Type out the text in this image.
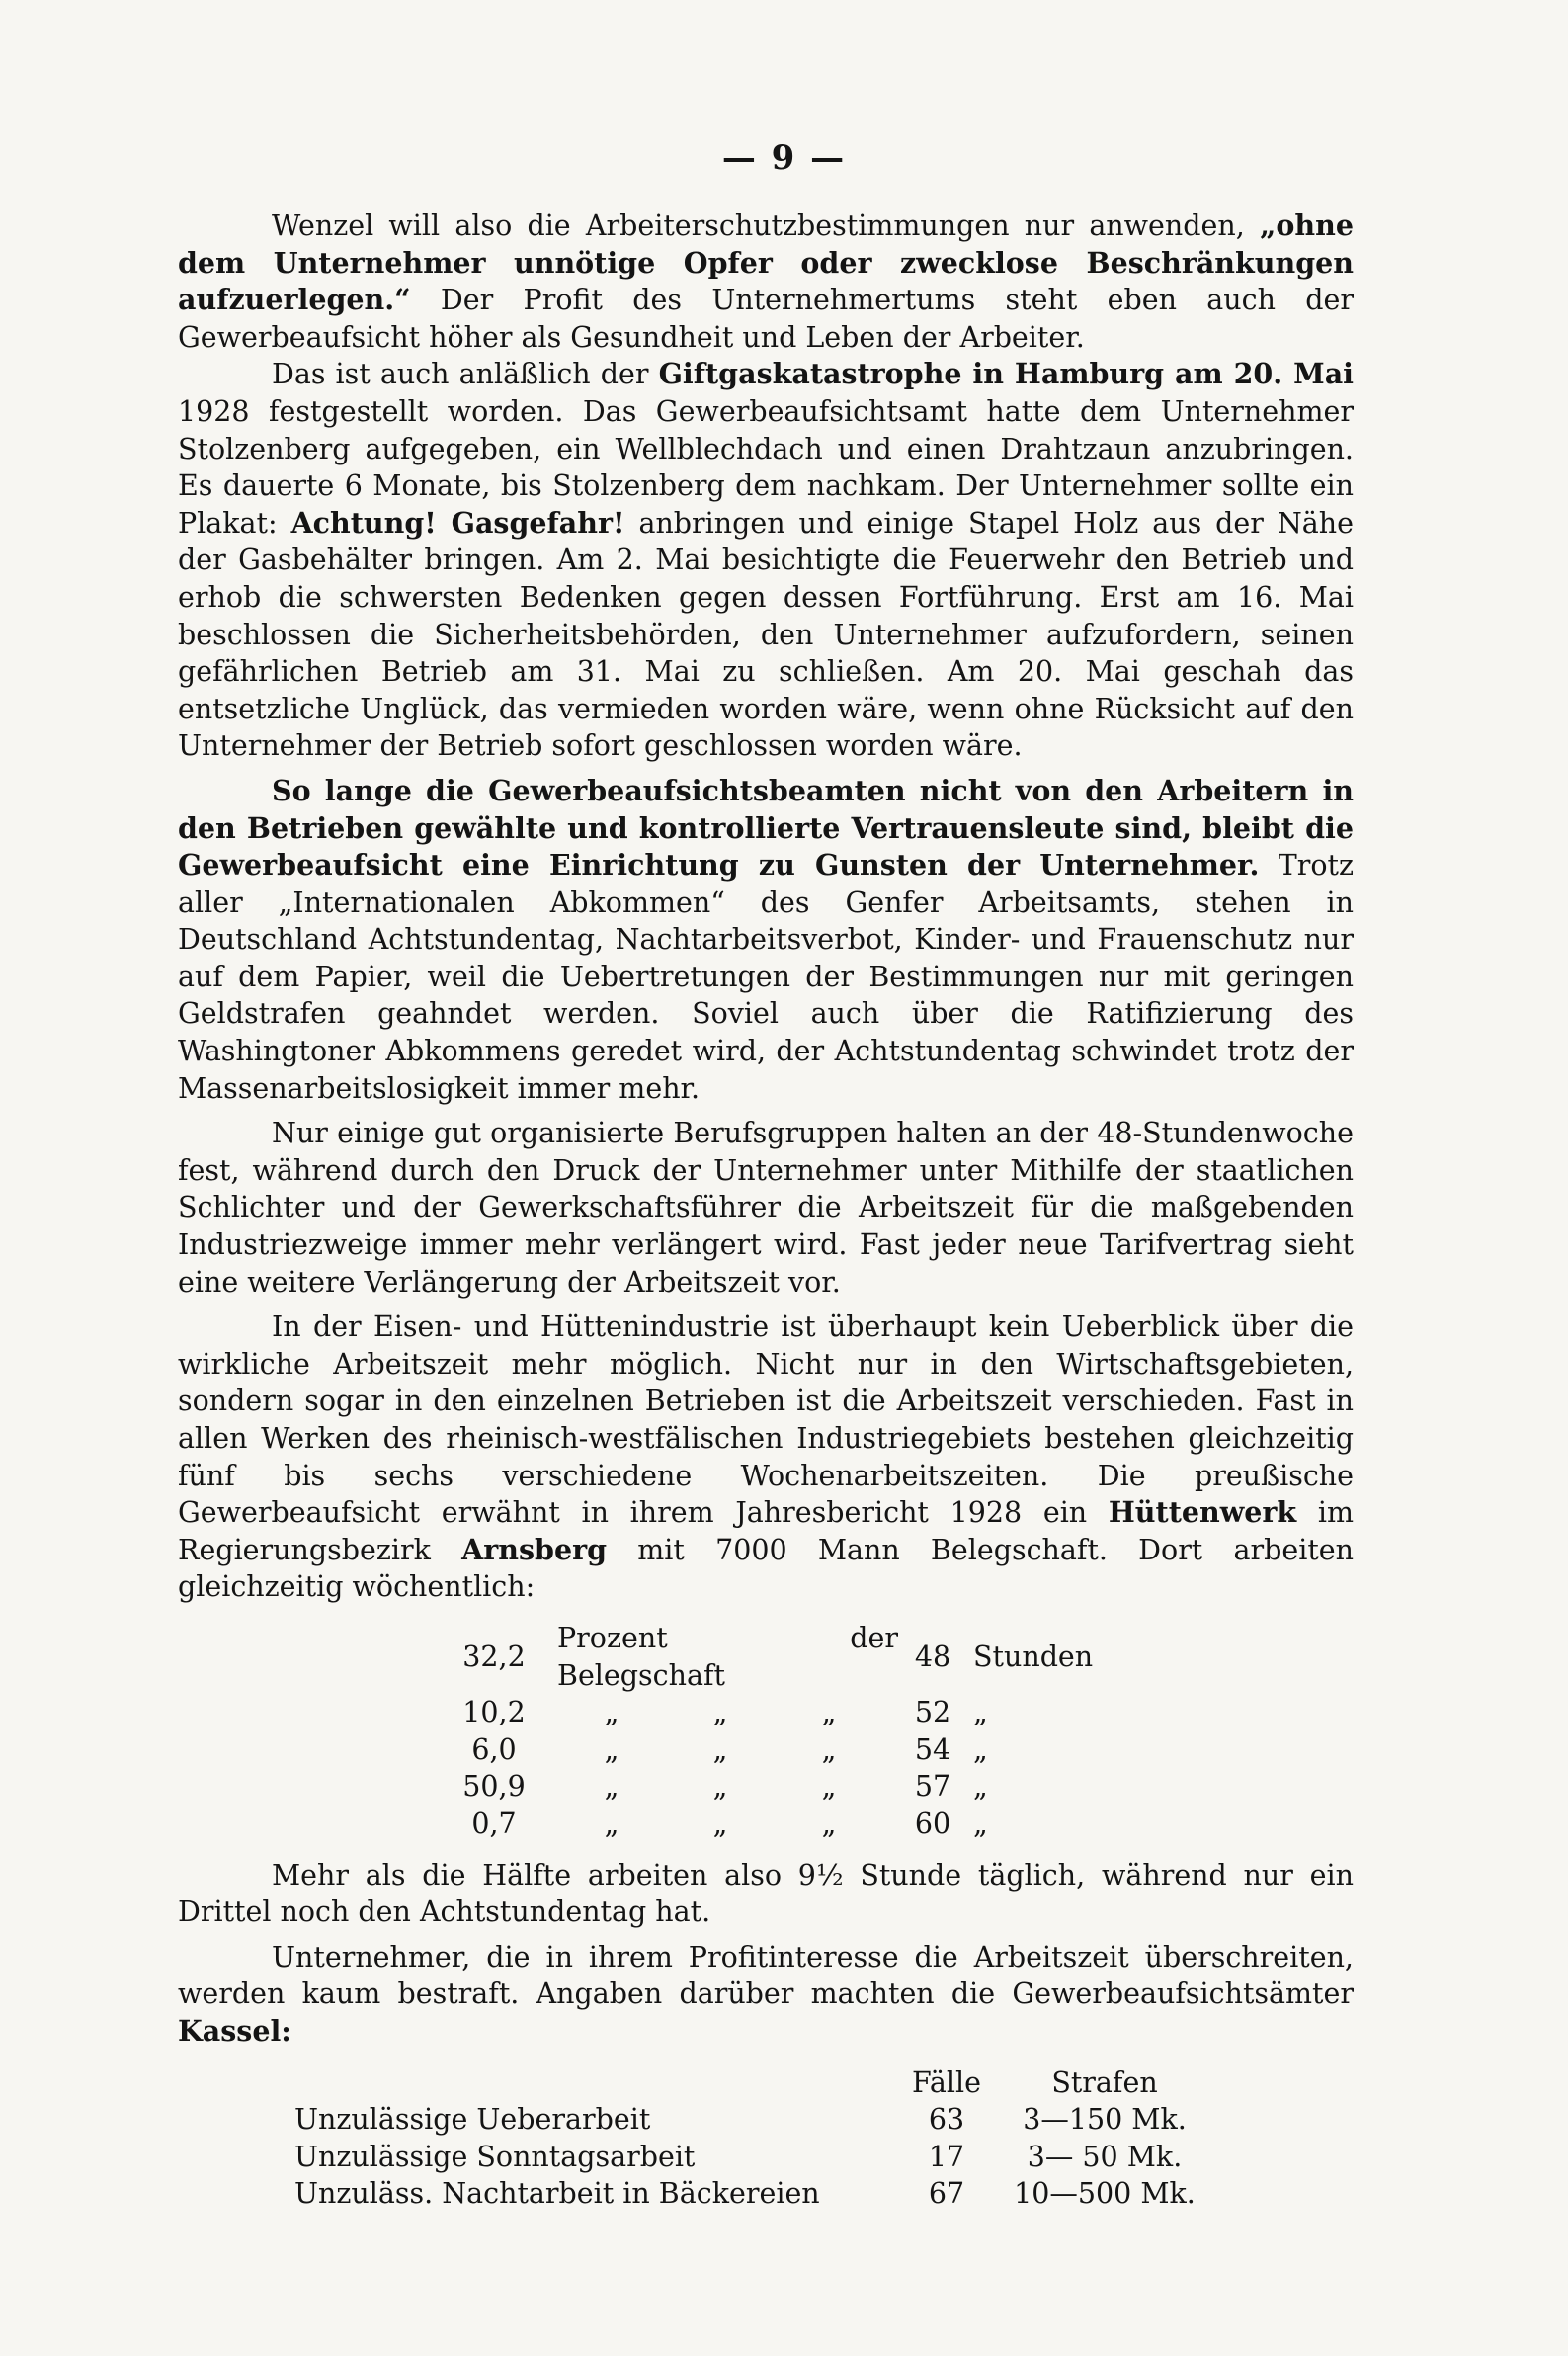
— 9 —

Wenzel will also die Arbeiterschutzbestimmungen nur anwenden, „ohne dem Unternehmer unnötige Opfer oder zwecklose Beschränkungen aufzuerlegen.“ Der Profit des Unternehmertums steht eben auch der Gewerbeaufsicht höher als Gesundheit und Leben der Arbeiter.

Das ist auch anläßlich der Giftgaskatastrophe in Hamburg am 20. Mai 1928 festgestellt worden. Das Gewerbeaufsichtsamt hatte dem Unternehmer Stolzenberg aufgegeben, ein Wellblechdach und einen Drahtzaun anzubringen. Es dauerte 6 Monate, bis Stolzenberg dem nachkam. Der Unternehmer sollte ein Plakat: Achtung! Gasgefahr! anbringen und einige Stapel Holz aus der Nähe der Gasbehälter bringen. Am 2. Mai besichtigte die Feuerwehr den Betrieb und erhob die schwersten Bedenken gegen dessen Fortführung. Erst am 16. Mai beschlossen die Sicherheitsbehörden, den Unternehmer aufzufordern, seinen gefährlichen Betrieb am 31. Mai zu schließen. Am 20. Mai geschah das entsetzliche Unglück, das vermieden worden wäre, wenn ohne Rücksicht auf den Unternehmer der Betrieb sofort geschlossen worden wäre.

So lange die Gewerbeaufsichtsbeamten nicht von den Arbeitern in den Betrieben gewählte und kontrollierte Vertrauensleute sind, bleibt die Gewerbeaufsicht eine Einrichtung zu Gunsten der Unternehmer. Trotz aller „Internationalen Abkommen“ des Genfer Arbeitsamts, stehen in Deutschland Achtstundentag, Nachtarbeitsverbot, Kinder- und Frauenschutz nur auf dem Papier, weil die Uebertretungen der Bestimmungen nur mit geringen Geldstrafen geahndet werden. Soviel auch über die Ratifizierung des Washingtoner Abkommens geredet wird, der Achtstundentag schwindet trotz der Massenarbeitslosigkeit immer mehr.

Nur einige gut organisierte Berufsgruppen halten an der 48-Stundenwoche fest, während durch den Druck der Unternehmer unter Mithilfe der staatlichen Schlichter und der Gewerkschaftsführer die Arbeitszeit für die maßgebenden Industriezweige immer mehr verlängert wird. Fast jeder neue Tarifvertrag sieht eine weitere Verlängerung der Arbeitszeit vor.

In der Eisen- und Hüttenindustrie ist überhaupt kein Ueberblick über die wirkliche Arbeitszeit mehr möglich. Nicht nur in den Wirtschaftsgebieten, sondern sogar in den einzelnen Betrieben ist die Arbeitszeit verschieden. Fast in allen Werken des rheinisch-westfälischen Industriegebiets bestehen gleichzeitig fünf bis sechs verschiedene Wochenarbeitszeiten. Die preußische Gewerbeaufsicht erwähnt in ihrem Jahresbericht 1928 ein Hüttenwerk im Regierungsbezirk Arnsberg mit 7000 Mann Belegschaft. Dort arbeiten gleichzeitig wöchentlich:

32,2	Prozent der Belegschaft	48	Stunden
10,2	„ „ „	52	„
6,0	„ „ „	54	„
50,9	„ „ „	57	„
0,7	„ „ „	60	„

Mehr als die Hälfte arbeiten also 9½ Stunde täglich, während nur ein Drittel noch den Achtstundentag hat.

Unternehmer, die in ihrem Profitinteresse die Arbeitszeit überschreiten, werden kaum bestraft. Angaben darüber machten die Gewerbeaufsichtsämter Kassel:

	Fälle	Strafen
Unzulässige Ueberarbeit	63	3—150 Mk.
Unzulässige Sonntagsarbeit	17	3— 50 Mk.
Unzuläss. Nachtarbeit in Bäckereien	67	10—500 Mk.
